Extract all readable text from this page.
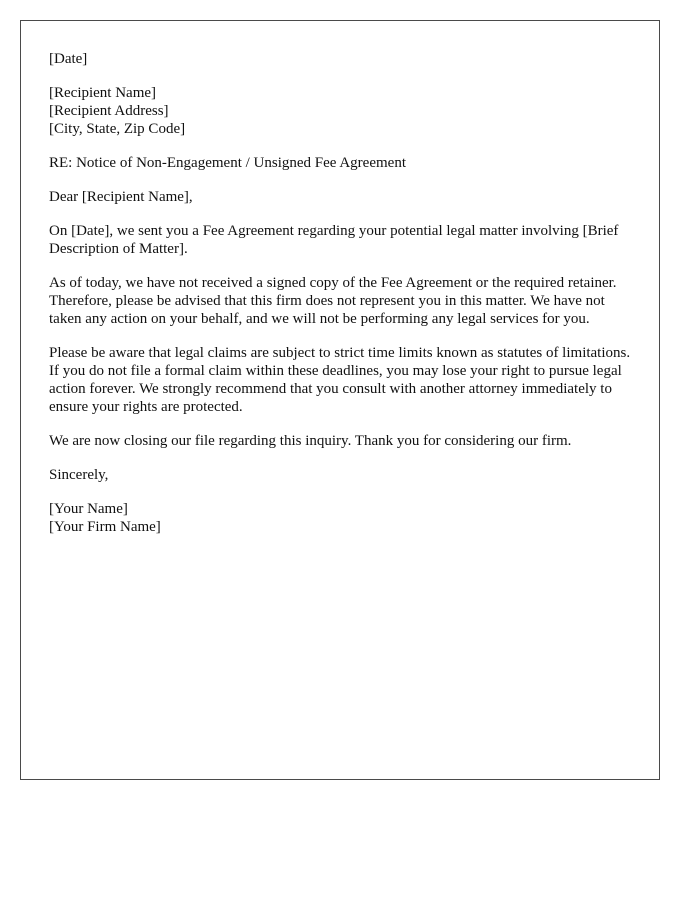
[Date]
[Recipient Name]
[Recipient Address]
[City, State, Zip Code]
RE: Notice of Non-Engagement / Unsigned Fee Agreement
Dear [Recipient Name],

On [Date], we sent you a Fee Agreement regarding your potential legal matter involving [Brief Description of Matter].

As of today, we have not received a signed copy of the Fee Agreement or the required retainer. Therefore, please be advised that this firm does not represent you in this matter. We have not taken any action on your behalf, and we will not be performing any legal services for you.

Please be aware that legal claims are subject to strict time limits known as statutes of limitations. If you do not file a formal claim within these deadlines, you may lose your right to pursue legal action forever. We strongly recommend that you consult with another attorney immediately to ensure your rights are protected.

We are now closing our file regarding this inquiry. Thank you for considering our firm.

Sincerely,
[Your Name]
[Your Firm Name]
